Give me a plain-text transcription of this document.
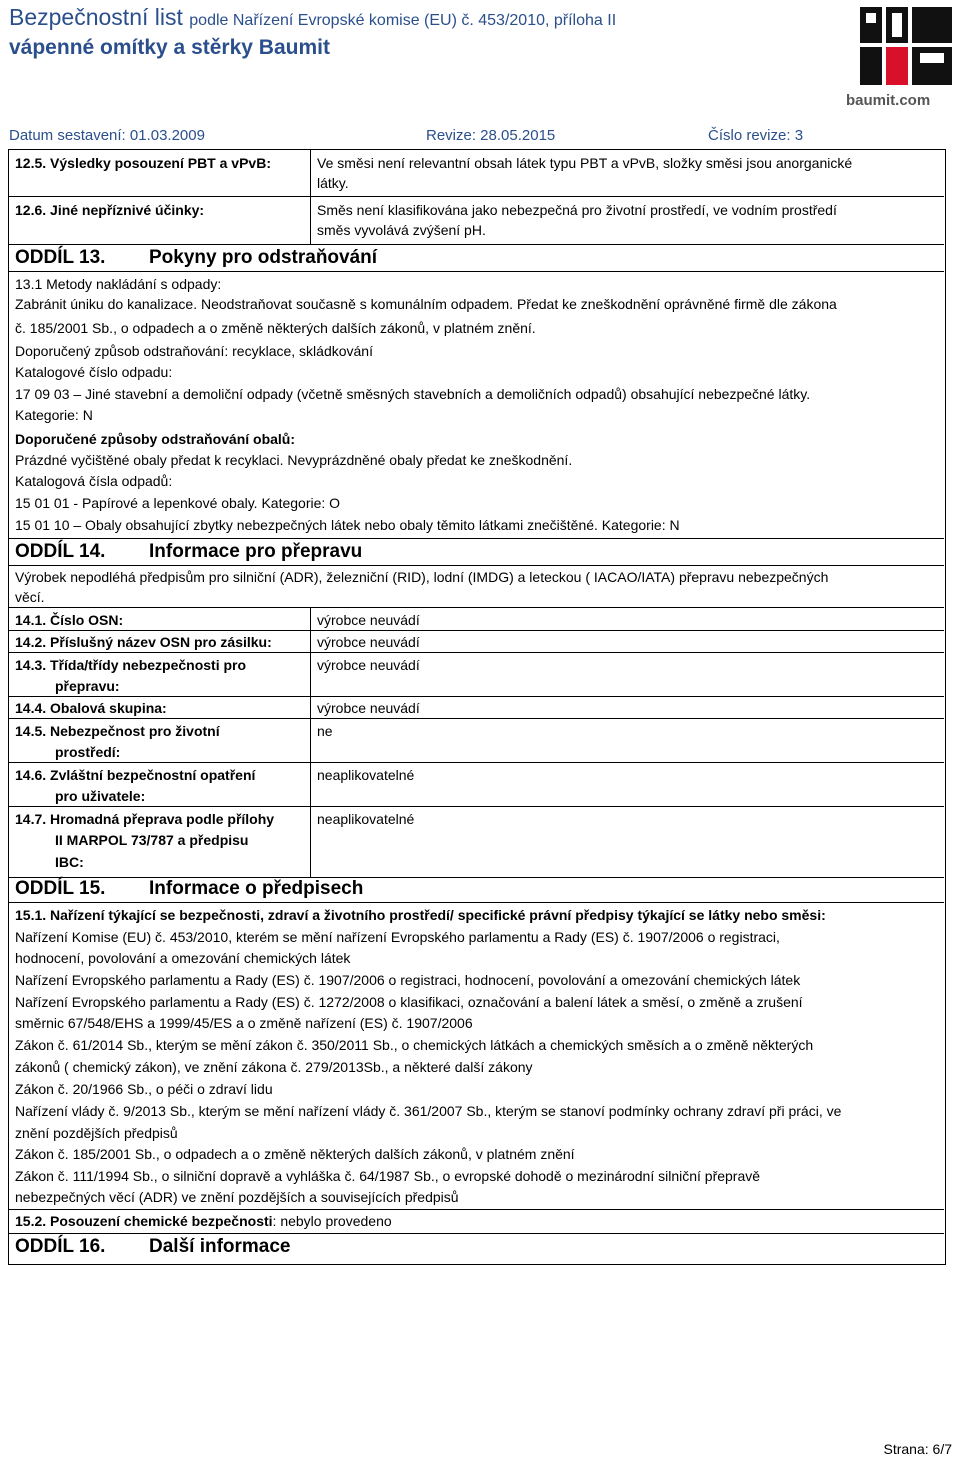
Bezpečnostní list podle Nařízení Evropské komise (EU) č. 453/2010, příloha II
vápenné omítky a stěrky Baumit
baumit.com
Datum sestavení: 01.03.2009	Revize: 28.05.2015	Číslo revize: 3
12.5. Výsledky posouzení PBT a vPvB:	Ve směsi není relevantní obsah látek typu PBT a vPvB, složky směsi jsou anorganické
látky.
12.6. Jiné nepříznivé účinky:	Směs není klasifikována jako nebezpečná pro životní prostředí, ve vodním prostředí
směs vyvolává zvýšení pH.
ODDÍL 13. Pokyny pro odstraňování
13.1 Metody nakládání s odpady:
Zabránit úniku do kanalizace. Neodstraňovat současně s komunálním odpadem. Předat ke zneškodnění oprávněné firmě dle zákona
č. 185/2001 Sb., o odpadech a o změně některých dalších zákonů, v platném znění.
Doporučený způsob odstraňování: recyklace, skládkování
Katalogové číslo odpadu:
17 09 03 – Jiné stavební a demoliční odpady (včetně směsných stavebních a demoličních odpadů) obsahující nebezpečné látky.
Kategorie: N
Doporučené způsoby odstraňování obalů:
Prázdné vyčištěné obaly předat k recyklaci. Nevyprázdněné obaly předat ke zneškodnění.
Katalogová čísla odpadů:
15 01 01 - Papírové a lepenkové obaly. Kategorie: O
15 01 10 – Obaly obsahující zbytky nebezpečných látek nebo obaly těmito látkami znečištěné. Kategorie: N
ODDÍL 14. Informace pro přepravu
Výrobek nepodléhá předpisům pro silniční (ADR), železniční (RID), lodní (IMDG) a leteckou ( IACAO/IATA) přepravu nebezpečných
věcí.
14.1. Číslo OSN:	výrobce neuvádí
14.2. Příslušný název OSN pro zásilku:	výrobce neuvádí
14.3. Třída/třídy nebezpečnosti pro
přepravu:
výrobce neuvádí
14.4. Obalová skupina:	výrobce neuvádí
14.5. Nebezpečnost pro životní
prostředí:
ne
14.6. Zvláštní bezpečnostní opatření
pro uživatele:
neaplikovatelné
14.7. Hromadná přeprava podle přílohy
II MARPOL 73/787 a předpisu
IBC:
neaplikovatelné
ODDÍL 15. Informace o předpisech
15.1. Nařízení týkající se bezpečnosti, zdraví a životního prostředí/ specifické právní předpisy týkající se látky nebo směsi:
Nařízení Komise (EU) č. 453/2010, kterém se mění nařízení Evropského parlamentu a Rady (ES) č. 1907/2006 o registraci,
hodnocení, povolování a omezování chemických látek
Nařízení Evropského parlamentu a Rady (ES) č. 1907/2006 o registraci, hodnocení, povolování a omezování chemických látek
Nařízení Evropského parlamentu a Rady (ES) č. 1272/2008 o klasifikaci, označování a balení látek a směsí, o změně a zrušení
směrnic 67/548/EHS a 1999/45/ES a o změně nařízení (ES) č. 1907/2006
Zákon č. 61/2014 Sb., kterým se mění zákon č. 350/2011 Sb., o chemických látkách a chemických směsích a o změně některých
zákonů ( chemický zákon), ve znění zákona č. 279/2013Sb., a některé další zákony
Zákon č. 20/1966 Sb., o péči o zdraví lidu
Nařízení vlády č. 9/2013 Sb., kterým se mění nařízení vlády č. 361/2007 Sb., kterým se stanoví podmínky ochrany zdraví při práci, ve
znění pozdějších předpisů
Zákon č. 185/2001 Sb., o odpadech a o změně některých dalších zákonů, v platném znění
Zákon č. 111/1994 Sb., o silniční dopravě a vyhláška č. 64/1987 Sb., o evropské dohodě o mezinárodní silniční přepravě
nebezpečných věcí (ADR) ve znění pozdějších a souvisejících předpisů
15.2. Posouzení chemické bezpečnosti: nebylo provedeno
ODDÍL 16. Další informace
Strana: 6/7
